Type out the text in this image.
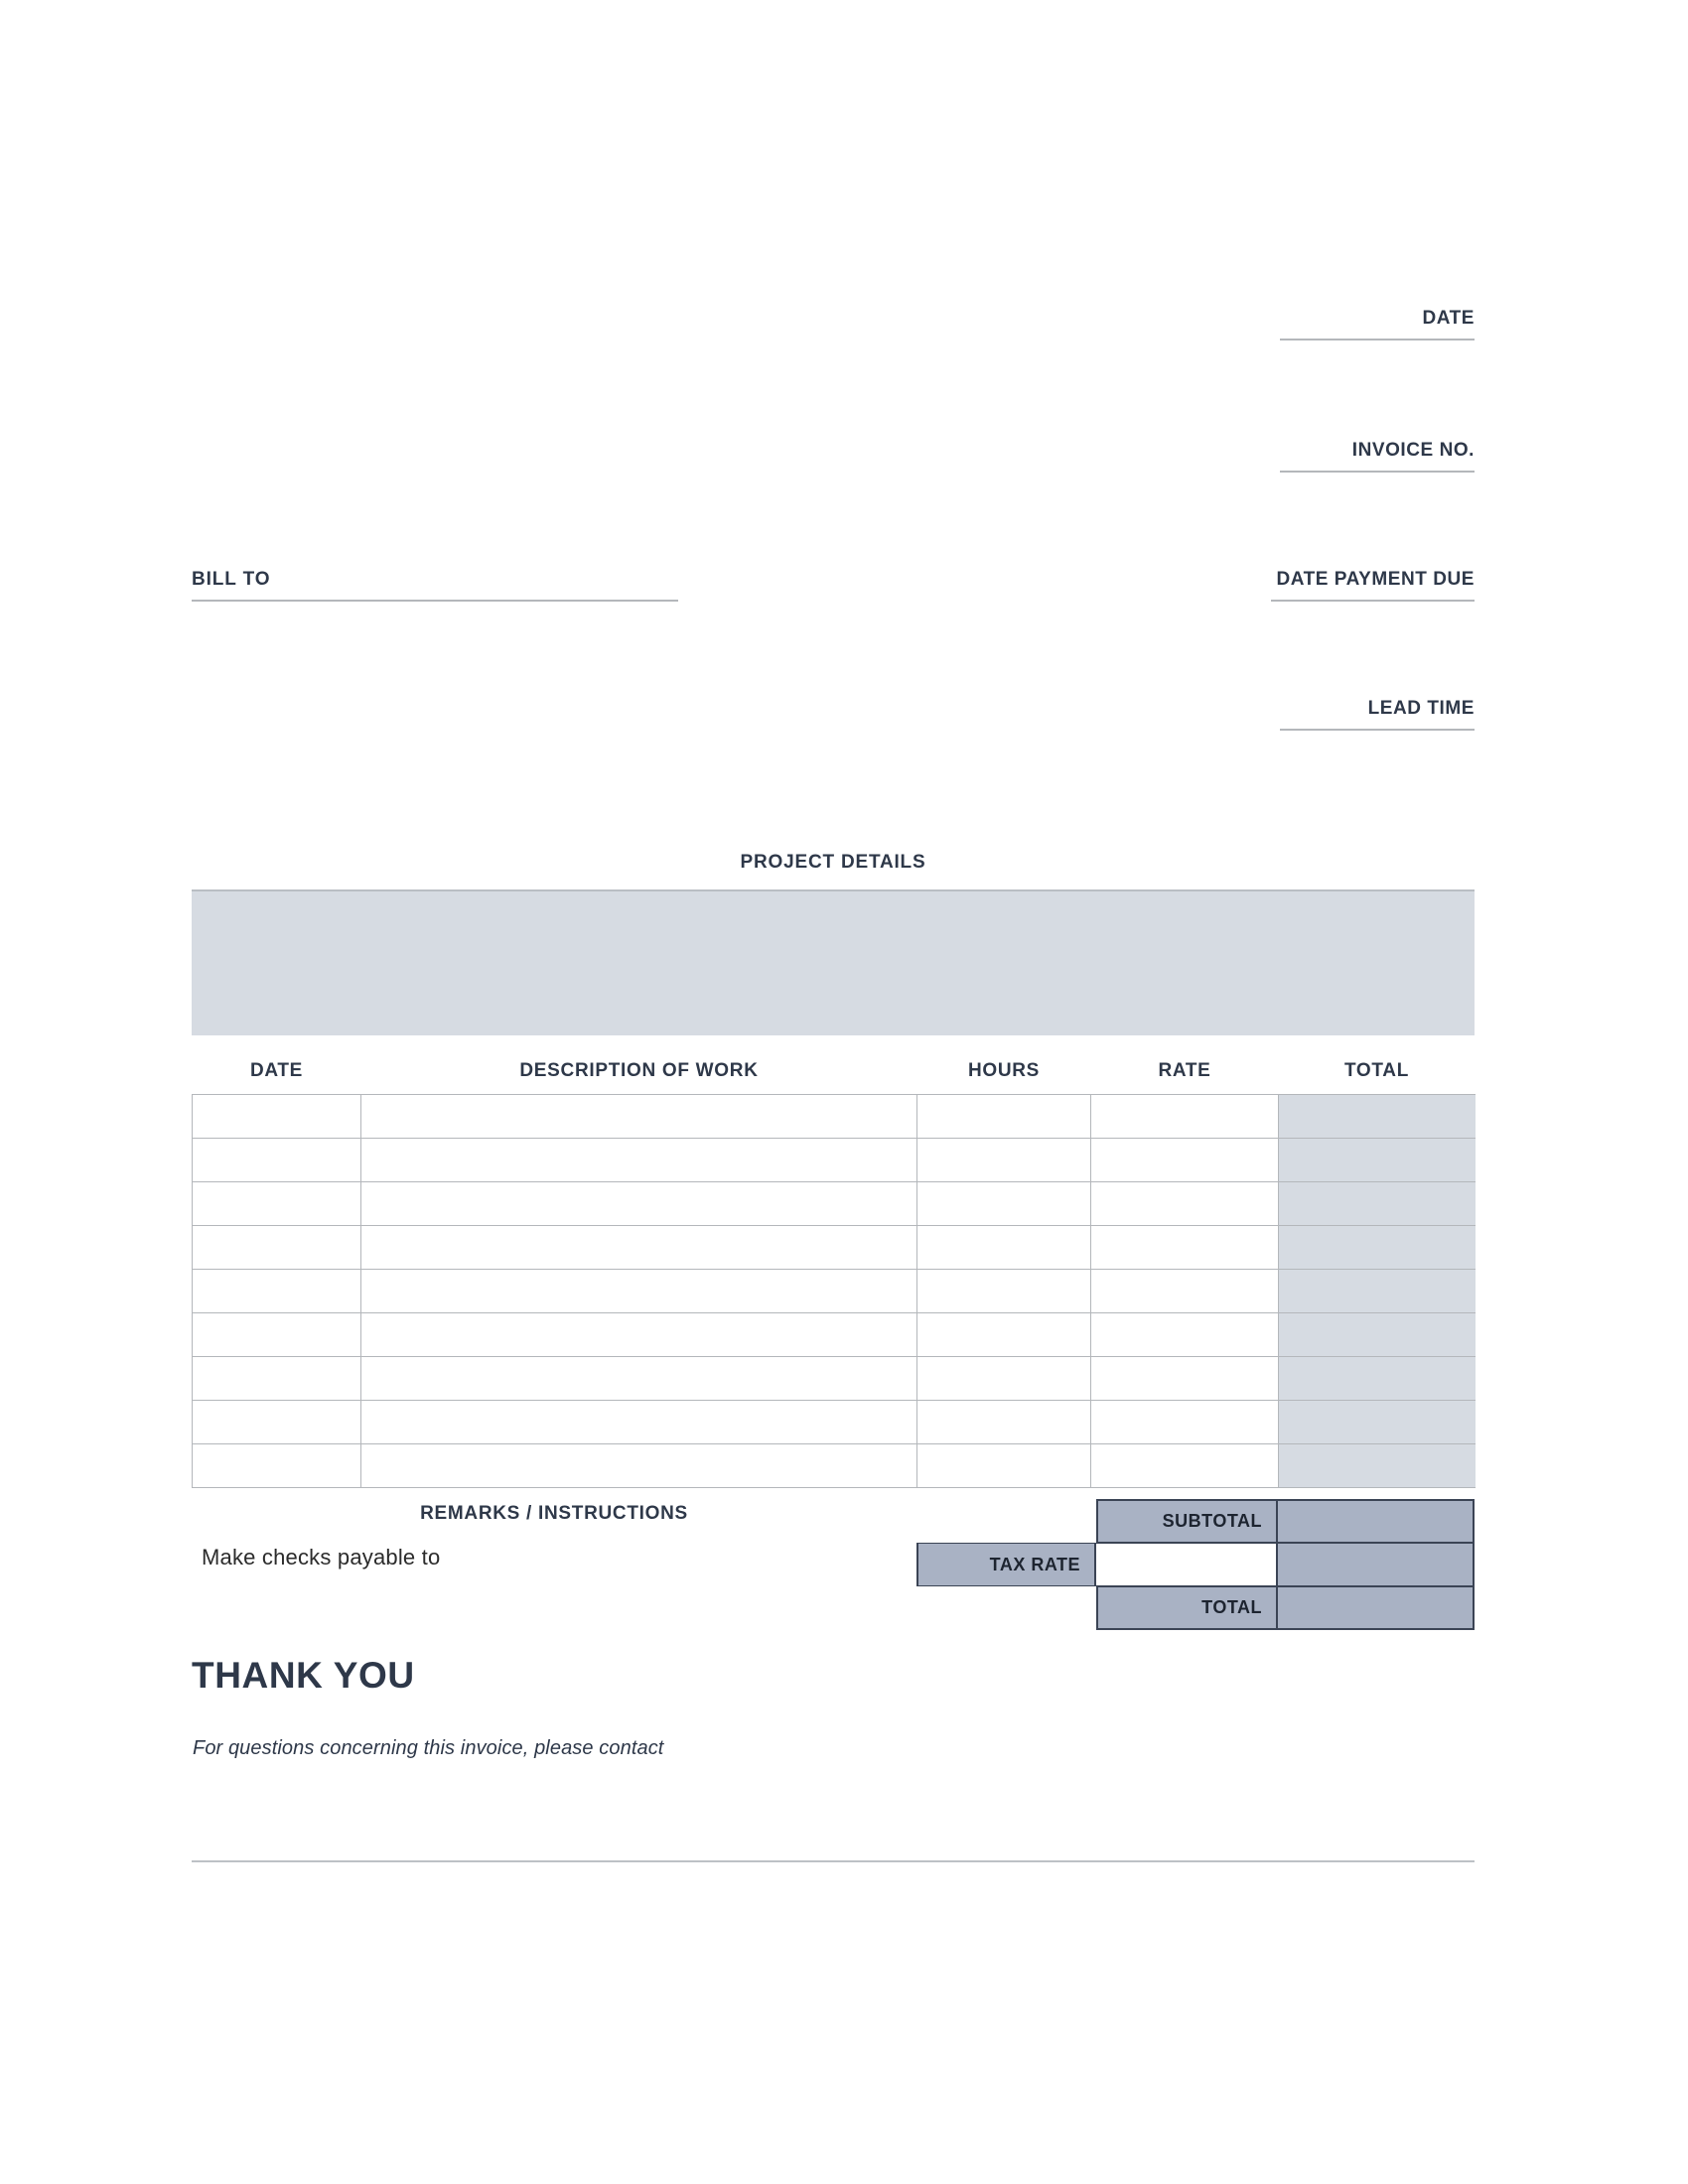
DATE
INVOICE NO.
DATE PAYMENT DUE
LEAD TIME
BILL TO
PROJECT DETAILS
DATE	DESCRIPTION OF WORK	HOURS	RATE	TOTAL

REMARKS / INSTRUCTIONS
Make checks payable to
SUBTOTAL
TAX RATE
TOTAL
THANK YOU
For questions concerning this invoice, please contact
